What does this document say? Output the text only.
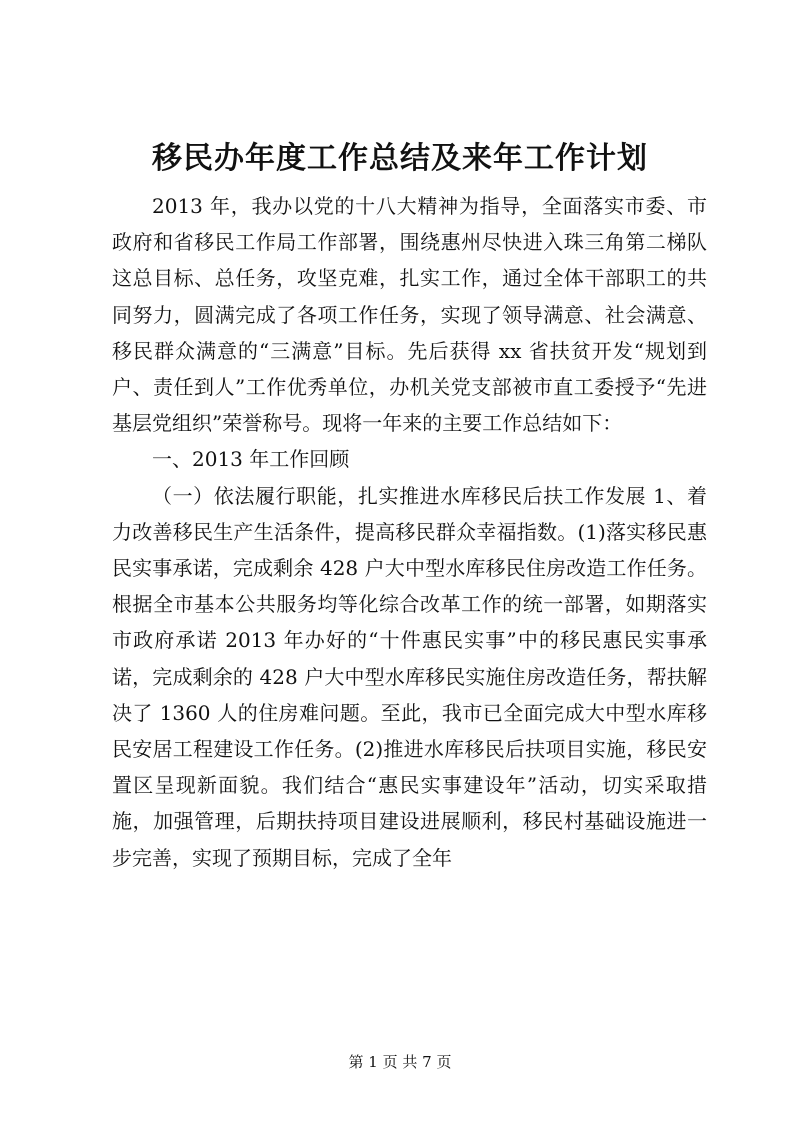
移民办年度工作总结及来年工作计划

2013 年，我办以党的十八大精神为指导，全面落实市委、市政府和省移民工作局工作部署，围绕惠州尽快进入珠三角第二梯队这总目标、总任务，攻坚克难，扎实工作，通过全体干部职工的共同努力，圆满完成了各项工作任务，实现了领导满意、社会满意、移民群众满意的“三满意”目标。先后获得 xx 省扶贫开发“规划到户、责任到人”工作优秀单位，办机关党支部被市直工委授予“先进基层党组织”荣誉称号。现将一年来的主要工作总结如下：

一、2013 年工作回顾

（一）依法履行职能，扎实推进水库移民后扶工作发展 1、着力改善移民生产生活条件，提高移民群众幸福指数。(1)落实移民惠民实事承诺，完成剩余 428 户大中型水库移民住房改造工作任务。根据全市基本公共服务均等化综合改革工作的统一部署，如期落实市政府承诺 2013 年办好的“十件惠民实事”中的移民惠民实事承诺，完成剩余的 428 户大中型水库移民实施住房改造任务，帮扶解决了 1360 人的住房难问题。至此，我市已全面完成大中型水库移民安居工程建设工作任务。(2)推进水库移民后扶项目实施，移民安置区呈现新面貌。我们结合“惠民实事建设年”活动，切实采取措施，加强管理，后期扶持项目建设进展顺利，移民村基础设施进一步完善，实现了预期目标，完成了全年

第 1 页 共 7 页
